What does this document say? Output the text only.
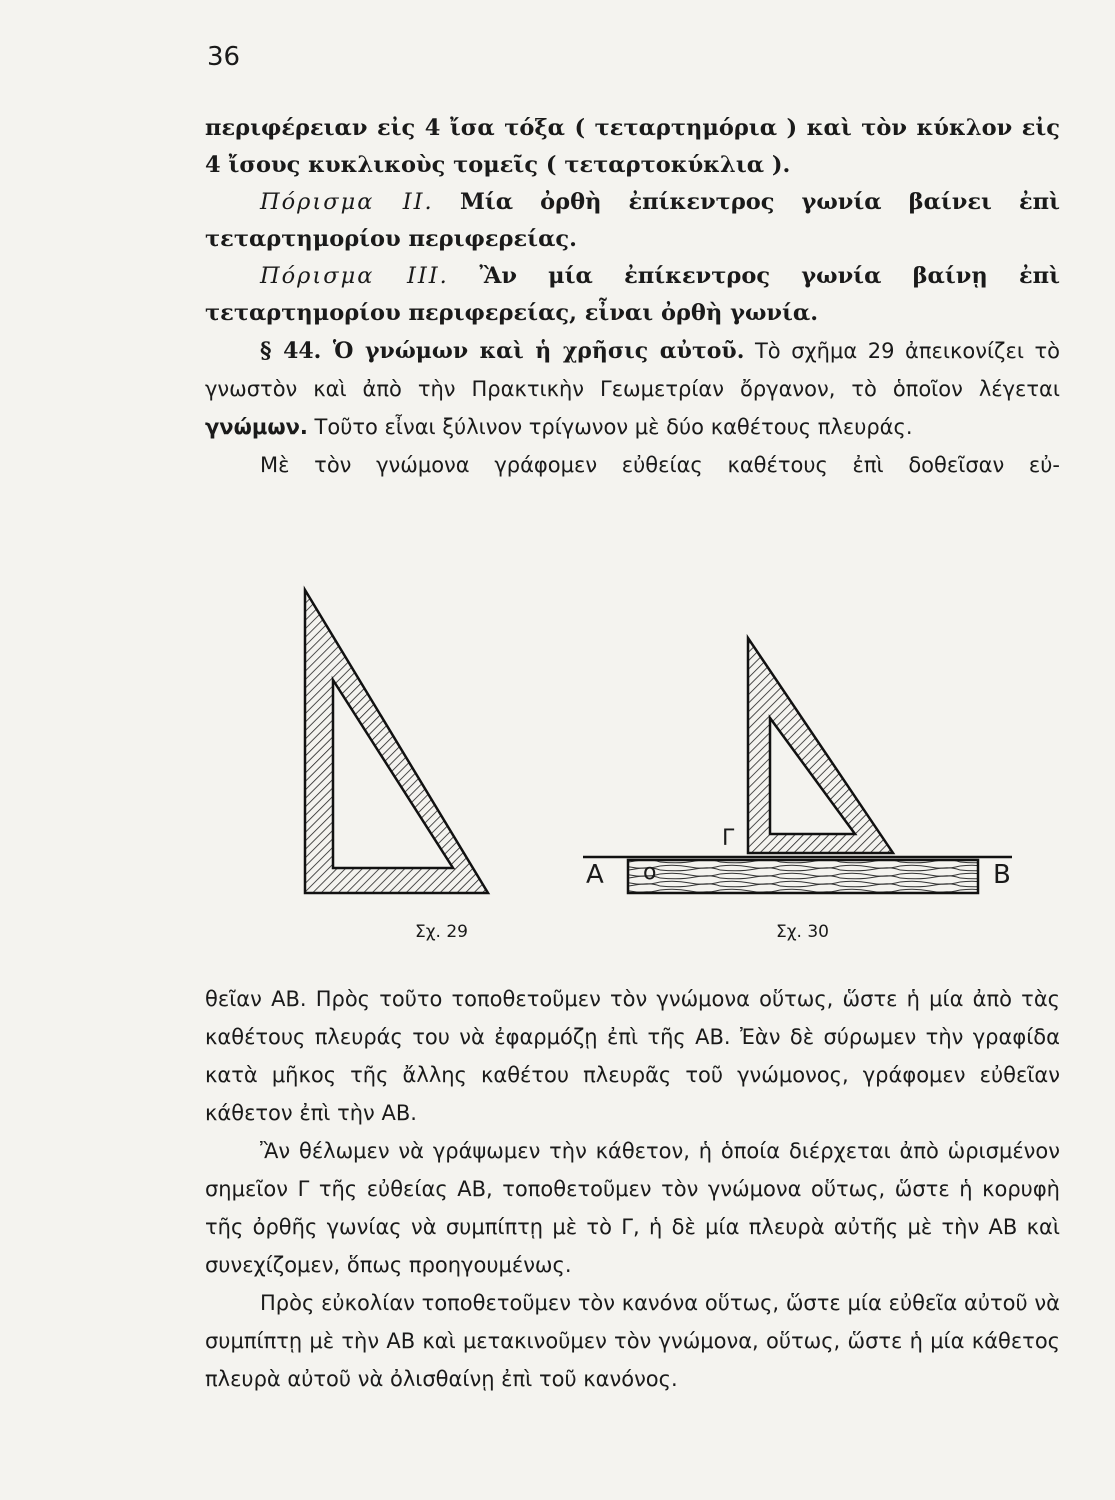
36

περιφέρειαν εἰς 4 ἴσα τόξα ( τεταρτημόρια ) καὶ τὸν κύκλον εἰς 4 ἴσους κυκλικοὺς τομεῖς ( τεταρτοκύκλια ).

Πόρισμα ΙΙ. Μία ὀρθὴ ἐπίκεντρος γωνία βαίνει ἐπὶ τεταρτημορίου περιφερείας.

Πόρισμα ΙΙΙ. Ἂν μία ἐπίκεντρος γωνία βαίνῃ ἐπὶ τεταρτημορίου περιφερείας, εἶναι ὀρθὴ γωνία.

§ 44. Ὁ γνώμων καὶ ἡ χρῆσις αὐτοῦ. Τὸ σχῆμα 29 ἀπεικονίζει τὸ γνωστὸν καὶ ἀπὸ τὴν Πρακτικὴν Γεωμετρίαν ὄργανον, τὸ ὁποῖον λέγεται γνώμων. Τοῦτο εἶναι ξύλινον τρίγωνον μὲ δύο καθέτους πλευράς.

Μὲ τὸν γνώμονα γράφομεν εὐθείας καθέτους ἐπὶ δοθεῖσαν εὐ-

Α	Β
Γ
ο
Σχ. 29	Σχ. 30

θεῖαν ΑΒ. Πρὸς τοῦτο τοποθετοῦμεν τὸν γνώμονα οὕτως, ὥστε ἡ μία ἀπὸ τὰς καθέτους πλευράς του νὰ ἐφαρμόζῃ ἐπὶ τῆς ΑΒ. Ἐὰν δὲ σύρωμεν τὴν γραφίδα κατὰ μῆκος τῆς ἄλλης καθέτου πλευρᾶς τοῦ γνώμονος, γράφομεν εὐθεῖαν κάθετον ἐπὶ τὴν ΑΒ.

Ἂν θέλωμεν νὰ γράψωμεν τὴν κάθετον, ἡ ὁποία διέρχεται ἀπὸ ὡρισμένον σημεῖον Γ τῆς εὐθείας ΑΒ, τοποθετοῦμεν τὸν γνώμονα οὕτως, ὥστε ἡ κορυφὴ τῆς ὀρθῆς γωνίας νὰ συμπίπτῃ μὲ τὸ Γ, ἡ δὲ μία πλευρὰ αὐτῆς μὲ τὴν ΑΒ καὶ συνεχίζομεν, ὅπως προηγουμένως.

Πρὸς εὐκολίαν τοποθετοῦμεν τὸν κανόνα οὕτως, ὥστε μία εὐθεῖα αὐτοῦ νὰ συμπίπτῃ μὲ τὴν ΑΒ καὶ μετακινοῦμεν τὸν γνώμονα, οὕτως, ὥστε ἡ μία κάθετος πλευρὰ αὐτοῦ νὰ ὀλισθαίνῃ ἐπὶ τοῦ κανόνος.
